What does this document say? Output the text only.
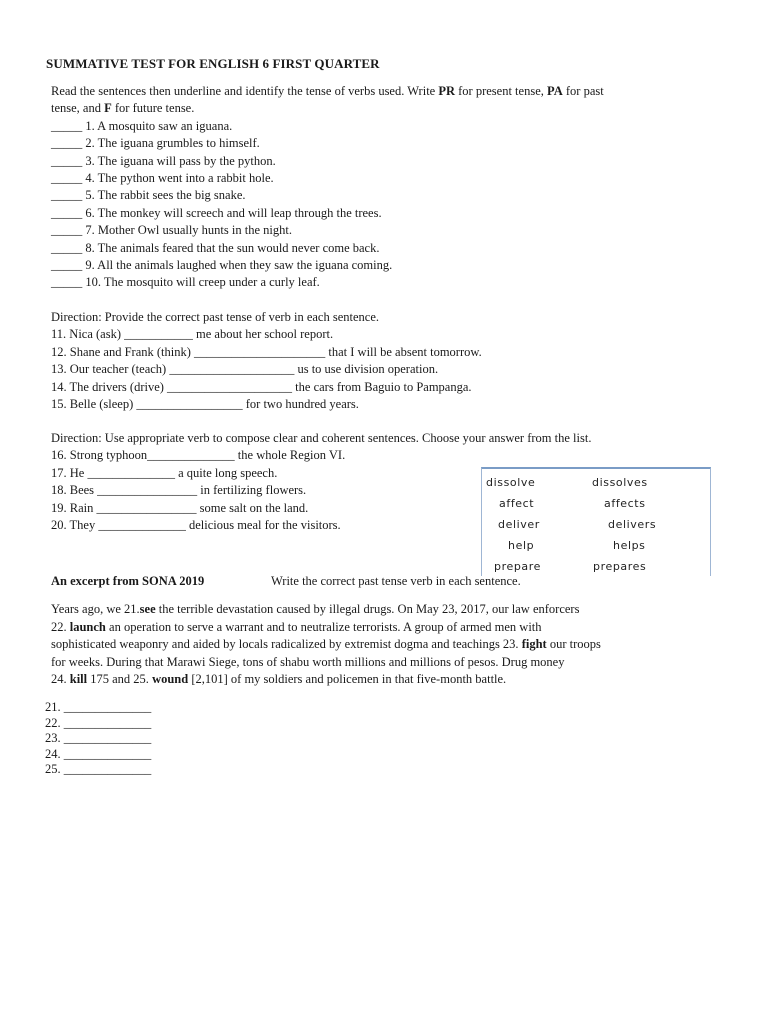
SUMMATIVE TEST FOR ENGLISH 6 FIRST QUARTER
Read the sentences then underline and identify the tense of verbs used. Write PR for present tense, PA for past
tense, and F for future tense.
_____ 1. A mosquito saw an iguana.
_____ 2. The iguana grumbles to himself.
_____ 3. The iguana will pass by the python.
_____ 4. The python went into a rabbit hole.
_____ 5. The rabbit sees the big snake.
_____ 6. The monkey will screech and will leap through the trees.
_____ 7. Mother Owl usually hunts in the night.
_____ 8. The animals feared that the sun would never come back.
_____ 9. All the animals laughed when they saw the iguana coming.
_____ 10. The mosquito will creep under a curly leaf.
Direction: Provide the correct past tense of verb in each sentence.
11. Nica (ask) ___________ me about her school report.
12. Shane and Frank (think) _____________________ that I will be absent tomorrow.
13. Our teacher (teach) ____________________ us to use division operation.
14. The drivers (drive) ____________________ the cars from Baguio to Pampanga.
15. Belle (sleep) _________________ for two hundred years.
Direction: Use appropriate verb to compose clear and coherent sentences. Choose your answer from the list.
16. Strong typhoon______________ the whole Region VI.
17. He ______________ a quite long speech.
18. Bees ________________ in fertilizing flowers.
19. Rain ________________ some salt on the land.
20. They ______________ delicious meal for the visitors.
dissolve	dissolves
affect	affects
deliver	delivers
help	helps
prepare	prepares
An excerpt from SONA 2019	Write the correct past tense verb in each sentence.
Years ago, we 21.see the terrible devastation caused by illegal drugs. On May 23, 2017, our law enforcers
22. launch an operation to serve a warrant and to neutralize terrorists. A group of armed men with
sophisticated weaponry and aided by locals radicalized by extremist dogma and teachings 23. fight our troops
for weeks. During that Marawi Siege, tons of shabu worth millions and millions of pesos. Drug money
24. kill 175 and 25. wound [2,101] of my soldiers and policemen in that five-month battle.
21. ______________
22. ______________
23. ______________
24. ______________
25. ______________
